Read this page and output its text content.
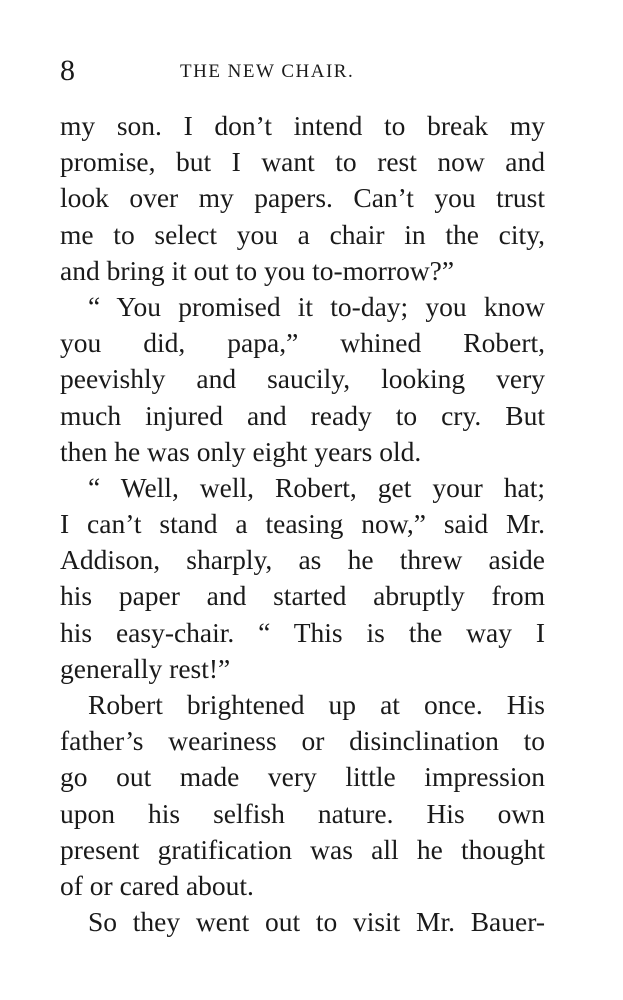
8	THE NEW CHAIR.
my son. I don’t intend to break my
promise, but I want to rest now and
look over my papers. Can’t you trust
me to select you a chair in the city,
and bring it out to you to-morrow?”
“ You promised it to-day; you know
you did, papa,” whined Robert,
peevishly and saucily, looking very
much injured and ready to cry. But
then he was only eight years old.
“ Well, well, Robert, get your hat;
I can’t stand a teasing now,” said Mr.
Addison, sharply, as he threw aside
his paper and started abruptly from
his easy-chair. “ This is the way I
generally rest!”
Robert brightened up at once. His
father’s weariness or disinclination to
go out made very little impression
upon his selfish nature. His own
present gratification was all he thought
of or cared about.
So they went out to visit Mr. Bauer-
